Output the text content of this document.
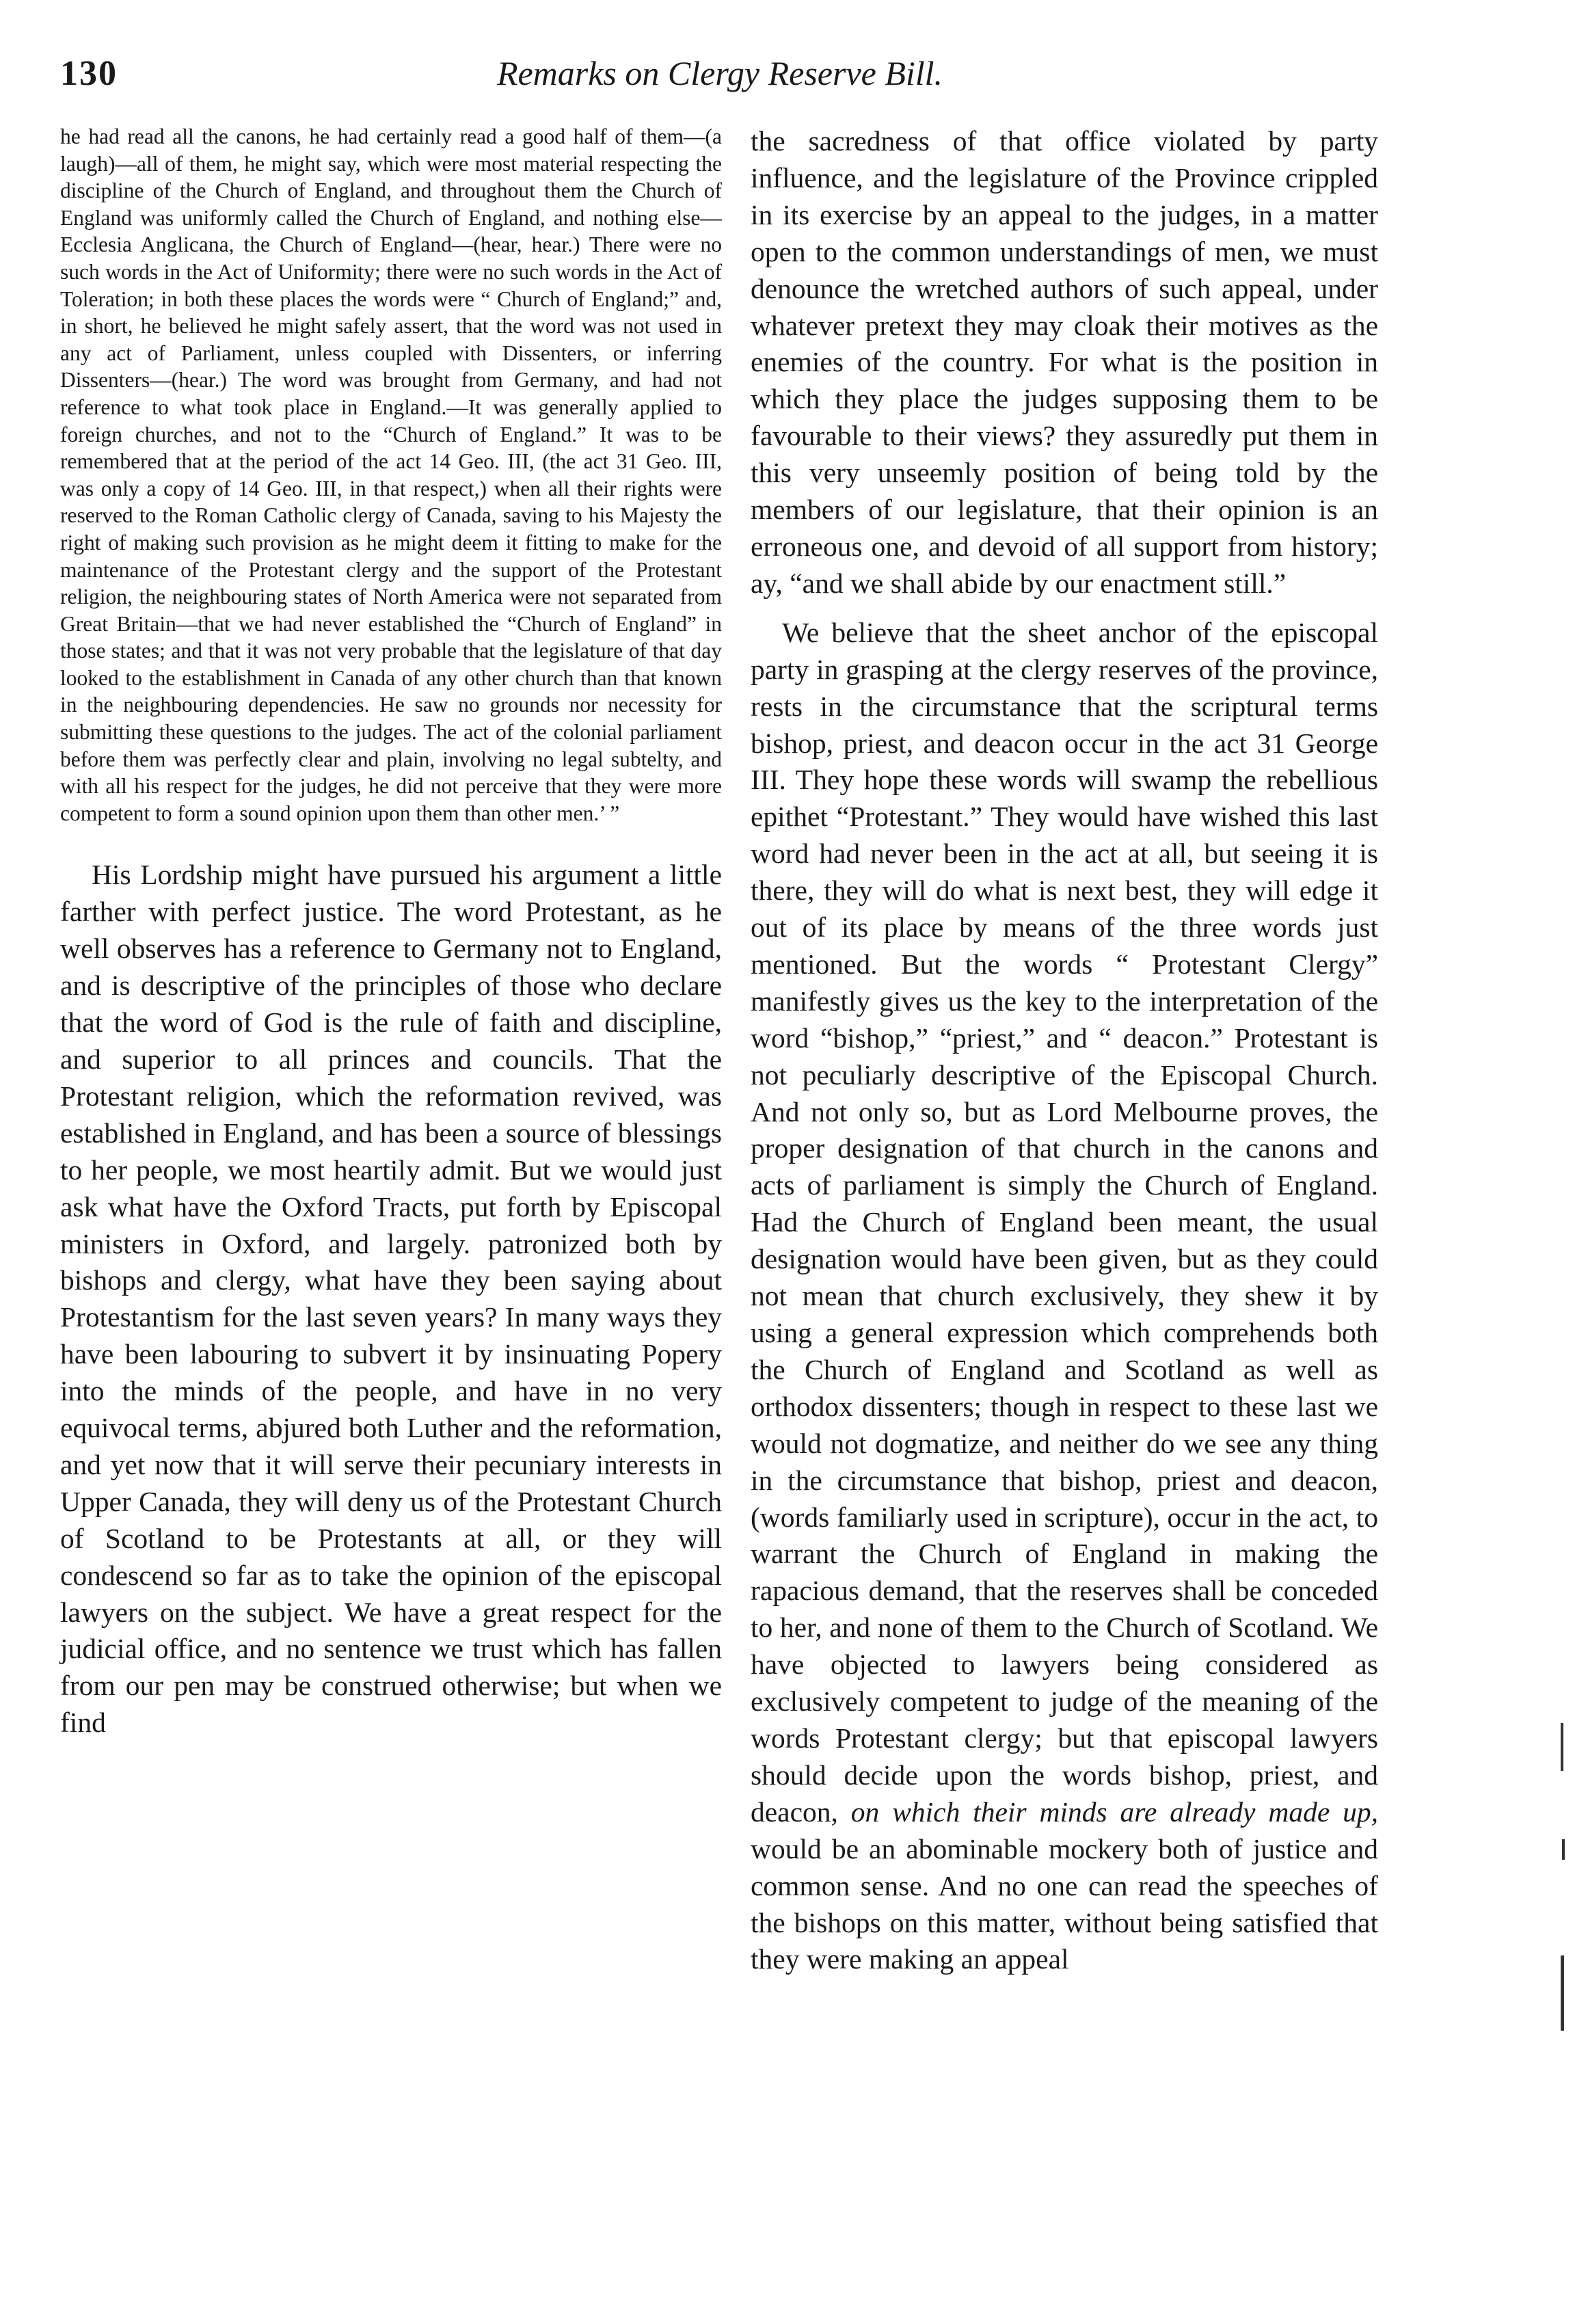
130	Remarks on Clergy Reserve Bill.

he had read all the canons, he had certainly read a good half of them—(a laugh)—all of them, he might say, which were most material respecting the discipline of the Church of England, and throughout them the Church of England was uniformly called the Church of England, and nothing else—Ecclesia Anglicana, the Church of England—(hear, hear.) There were no such words in the Act of Uniformity; there were no such words in the Act of Toleration; in both these places the words were “ Church of England;” and, in short, he believed he might safely assert, that the word was not used in any act of Parliament, unless coupled with Dissenters, or inferring Dissenters—(hear.) The word was brought from Germany, and had not reference to what took place in England.—It was generally applied to foreign churches, and not to the “Church of England.” It was to be remembered that at the period of the act 14 Geo. III, (the act 31 Geo. III, was only a copy of 14 Geo. III, in that respect,) when all their rights were reserved to the Roman Catholic clergy of Canada, saving to his Majesty the right of making such provision as he might deem it fitting to make for the maintenance of the Protestant clergy and the support of the Protestant religion, the neighbouring states of North America were not separated from Great Britain—that we had never established the “Church of England” in those states; and that it was not very probable that the legislature of that day looked to the establishment in Canada of any other church than that known in the neighbouring dependencies. He saw no grounds nor necessity for submitting these questions to the judges. The act of the colonial parliament before them was perfectly clear and plain, involving no legal subtelty, and with all his respect for the judges, he did not perceive that they were more competent to form a sound opinion upon them than other men.’ ”

His Lordship might have pursued his argument a little farther with perfect justice. The word Protestant, as he well observes has a reference to Germany not to England, and is descriptive of the principles of those who declare that the word of God is the rule of faith and discipline, and superior to all princes and councils. That the Protestant religion, which the reformation revived, was established in England, and has been a source of blessings to her people, we most heartily admit. But we would just ask what have the Oxford Tracts, put forth by Episcopal ministers in Oxford, and largely. patronized both by bishops and clergy, what have they been saying about Protestantism for the last seven years? In many ways they have been labouring to subvert it by insinuating Popery into the minds of the people, and have in no very equivocal terms, abjured both Luther and the reformation, and yet now that it will serve their pecuniary interests in Upper Canada, they will deny us of the Protestant Church of Scotland to be Protestants at all, or they will condescend so far as to take the opinion of the episcopal lawyers on the subject. We have a great respect for the judicial office, and no sentence we trust which has fallen from our pen may be construed otherwise; but when we find

the sacredness of that office violated by party influence, and the legislature of the Province crippled in its exercise by an appeal to the judges, in a matter open to the common understandings of men, we must denounce the wretched authors of such appeal, under whatever pretext they may cloak their motives as the enemies of the country. For what is the position in which they place the judges supposing them to be favourable to their views? they assuredly put them in this very unseemly position of being told by the members of our legislature, that their opinion is an erroneous one, and devoid of all support from history; ay, “and we shall abide by our enactment still.”

We believe that the sheet anchor of the episcopal party in grasping at the clergy reserves of the province, rests in the circumstance that the scriptural terms bishop, priest, and deacon occur in the act 31 George III. They hope these words will swamp the rebellious epithet “Protestant.” They would have wished this last word had never been in the act at all, but seeing it is there, they will do what is next best, they will edge it out of its place by means of the three words just mentioned. But the words “ Protestant Clergy” manifestly gives us the key to the interpretation of the word “bishop,” “priest,” and “ deacon.” Protestant is not peculiarly descriptive of the Episcopal Church. And not only so, but as Lord Melbourne proves, the proper designation of that church in the canons and acts of parliament is simply the Church of England. Had the Church of England been meant, the usual designation would have been given, but as they could not mean that church exclusively, they shew it by using a general expression which comprehends both the Church of England and Scotland as well as orthodox dissenters; though in respect to these last we would not dogmatize, and neither do we see any thing in the circumstance that bishop, priest and deacon, (words familiarly used in scripture), occur in the act, to warrant the Church of England in making the rapacious demand, that the reserves shall be conceded to her, and none of them to the Church of Scotland. We have objected to lawyers being considered as exclusively competent to judge of the meaning of the words Protestant clergy; but that episcopal lawyers should decide upon the words bishop, priest, and deacon, on which their minds are already made up, would be an abominable mockery both of justice and common sense. And no one can read the speeches of the bishops on this matter, without being satisfied that they were making an appeal
